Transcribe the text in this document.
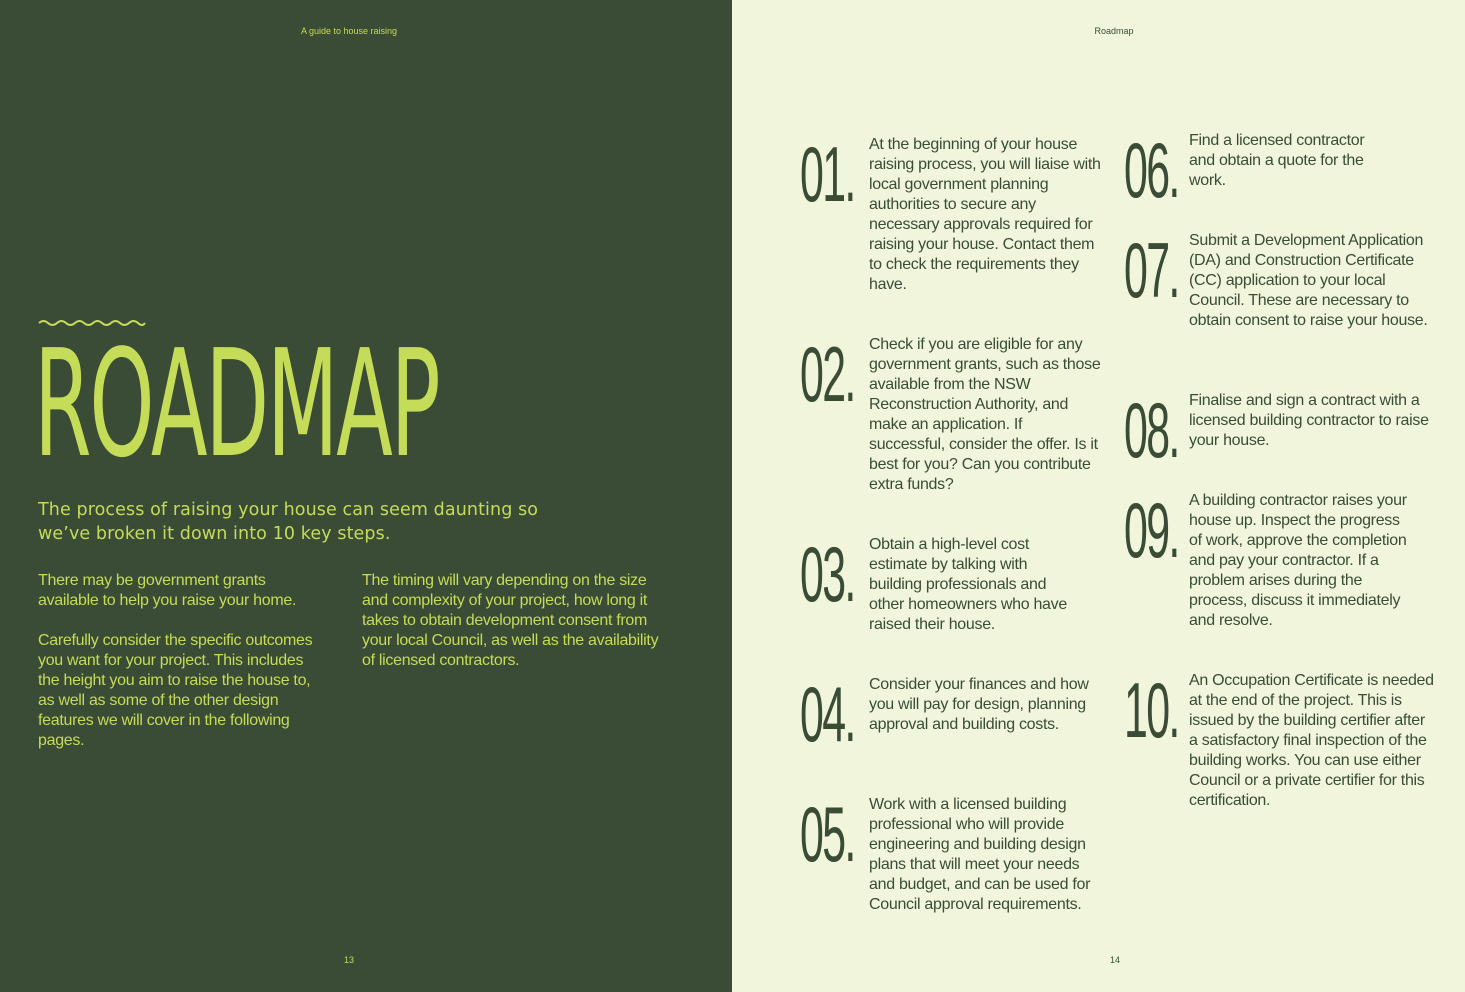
A guide to house raising
ROADMAP
The process of raising your house can seem daunting so we’ve broken it down into 10 key steps.

There may be government grants available to help you raise your home.

Carefully consider the specific outcomes you want for your project. This includes the height you aim to raise the house to, as well as some of the other design features we will cover in the following pages.

The timing will vary depending on the size and complexity of your project, how long it takes to obtain development consent from your local Council, as well as the availability of licensed contractors.

13
Roadmap
01. At the beginning of your house raising process, you will liaise with local government planning authorities to secure any necessary approvals required for raising your house. Contact them to check the requirements they have.
02. Check if you are eligible for any government grants, such as those available from the NSW Reconstruction Authority, and make an application. If successful, consider the offer. Is it best for you? Can you contribute extra funds?
03. Obtain a high-level cost estimate by talking with building professionals and other homeowners who have raised their house.
04. Consider your finances and how you will pay for design, planning approval and building costs.
05. Work with a licensed building professional who will provide engineering and building design plans that will meet your needs and budget, and can be used for Council approval requirements.
06. Find a licensed contractor and obtain a quote for the work.
07. Submit a Development Application (DA) and Construction Certificate (CC) application to your local Council. These are necessary to obtain consent to raise your house.
08. Finalise and sign a contract with a licensed building contractor to raise your house.
09. A building contractor raises your house up. Inspect the progress of work, approve the completion and pay your contractor. If a problem arises during the process, discuss it immediately and resolve.
10. An Occupation Certificate is needed at the end of the project. This is issued by the building certifier after a satisfactory final inspection of the building works. You can use either Council or a private certifier for this certification.
14
